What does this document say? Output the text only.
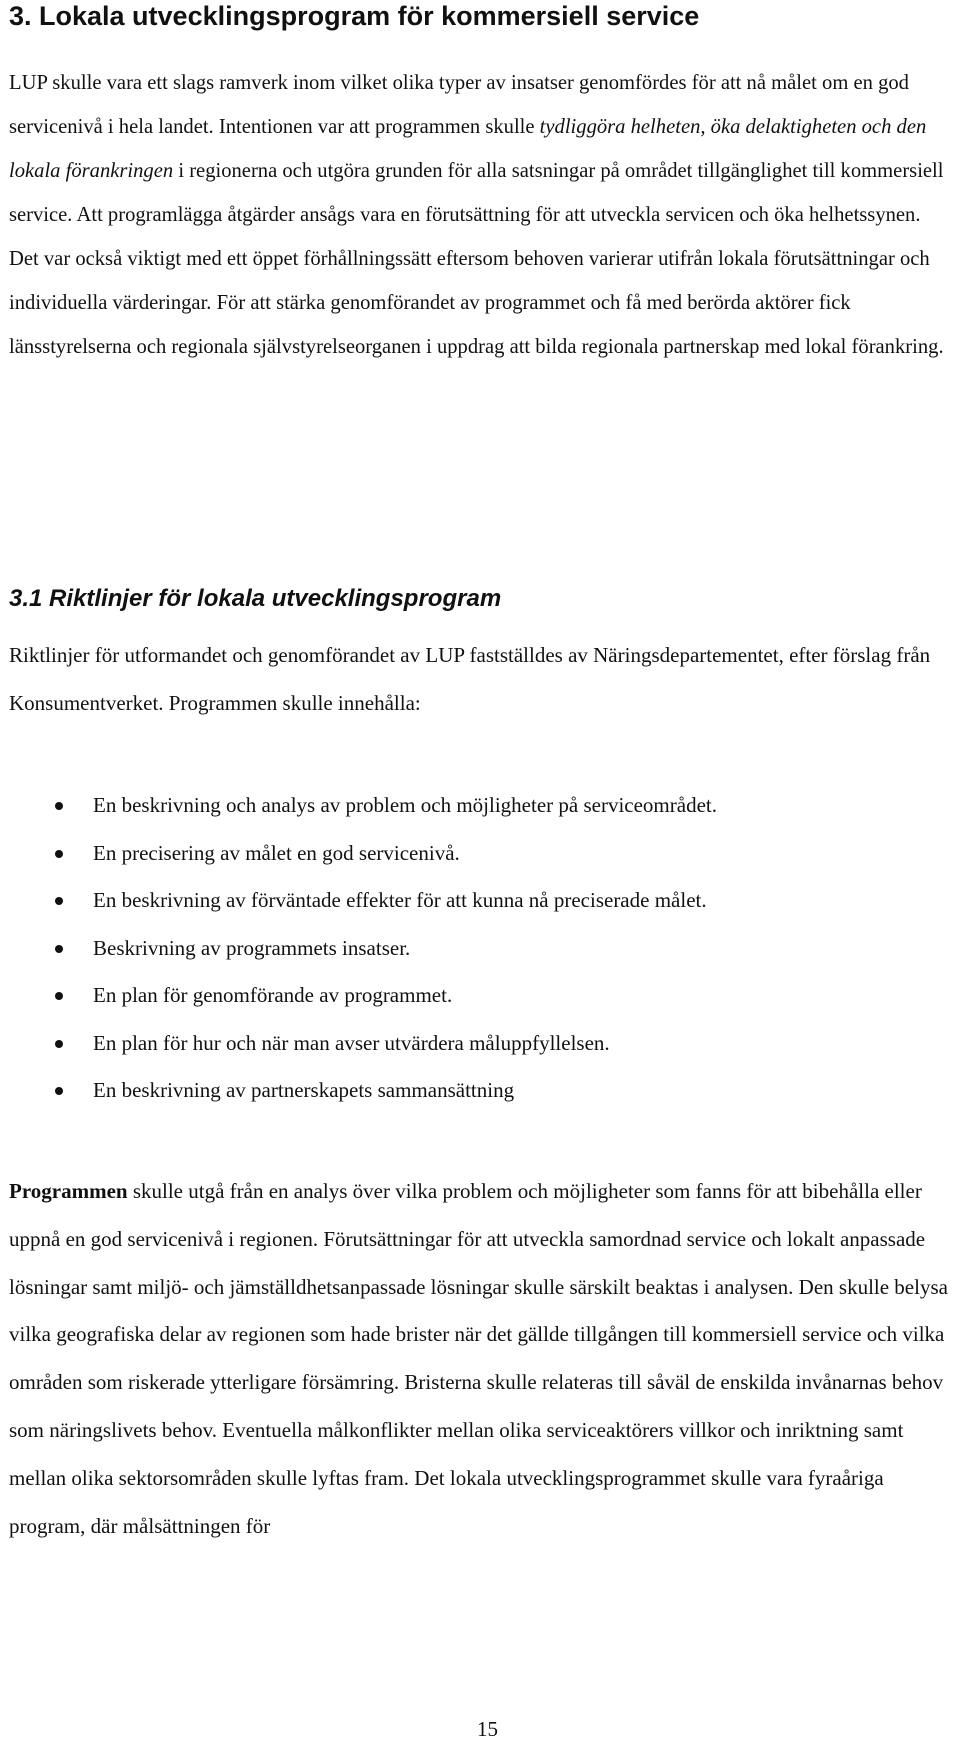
3. Lokala utvecklingsprogram för kommersiell service

LUP skulle vara ett slags ramverk inom vilket olika typer av insatser genomfördes för att nå målet om en god servicenivå i hela landet. Intentionen var att programmen skulle tydliggöra helheten, öka delaktigheten och den lokala förankringen i regionerna och utgöra grunden för alla satsningar på området tillgänglighet till kommersiell service. Att programlägga åtgärder ansågs vara en förutsättning för att utveckla servicen och öka helhetssynen. Det var också viktigt med ett öppet förhållningssätt eftersom behoven varierar utifrån lokala förutsättningar och individuella värderingar. För att stärka genomförandet av programmet och få med berörda aktörer fick länsstyrelserna och regionala självstyrelseorganen i uppdrag att bilda regionala partnerskap med lokal förankring.

3.1 Riktlinjer för lokala utvecklingsprogram

Riktlinjer för utformandet och genomförandet av LUP fastställdes av Näringsdepartementet, efter förslag från Konsumentverket. Programmen skulle innehålla:

En beskrivning och analys av problem och möjligheter på serviceområdet.
En precisering av målet en god servicenivå.
En beskrivning av förväntade effekter för att kunna nå preciserade målet.
Beskrivning av programmets insatser.
En plan för genomförande av programmet.
En plan för hur och när man avser utvärdera måluppfyllelsen.
En beskrivning av partnerskapets sammansättning

Programmen skulle utgå från en analys över vilka problem och möjligheter som fanns för att bibehålla eller uppnå en god servicenivå i regionen. Förutsättningar för att utveckla samordnad service och lokalt anpassade lösningar samt miljö- och jämställdhetsanpassade lösningar skulle särskilt beaktas i analysen. Den skulle belysa vilka geografiska delar av regionen som hade brister när det gällde tillgången till kommersiell service och vilka områden som riskerade ytterligare försämring. Bristerna skulle relateras till såväl de enskilda invånarnas behov som näringslivets behov. Eventuella målkonflikter mellan olika serviceaktörers villkor och inriktning samt mellan olika sektorsområden skulle lyftas fram. Det lokala utvecklingsprogrammet skulle vara fyraåriga program, där målsättningen för

15
